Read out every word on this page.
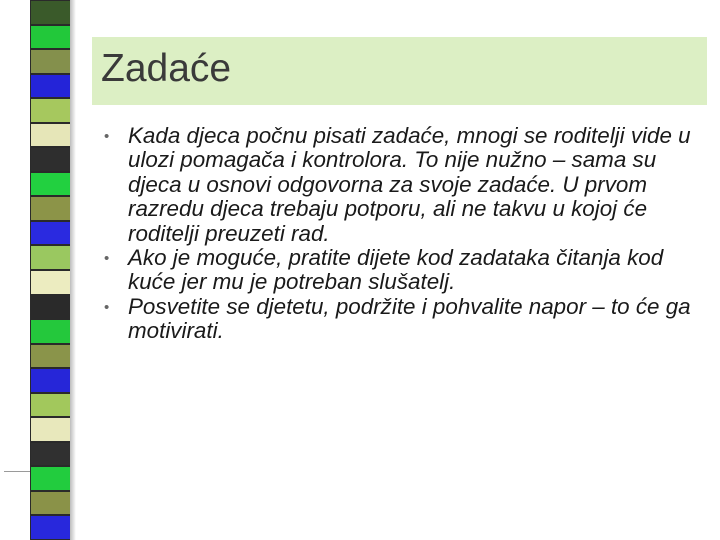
Zadaće
• Kada djeca počnu pisati zadaće, mnogi se roditelji vide u ulozi pomagača i kontrolora. To nije nužno – sama su djeca u osnovi odgovorna za svoje zadaće. U prvom razredu djeca trebaju potporu, ali ne takvu u kojoj će roditelji preuzeti rad.
• Ako je moguće, pratite dijete kod zadataka čitanja kod kuće jer mu je potreban slušatelj.
• Posvetite se djetetu, podržite i pohvalite napor – to će ga motivirati.
